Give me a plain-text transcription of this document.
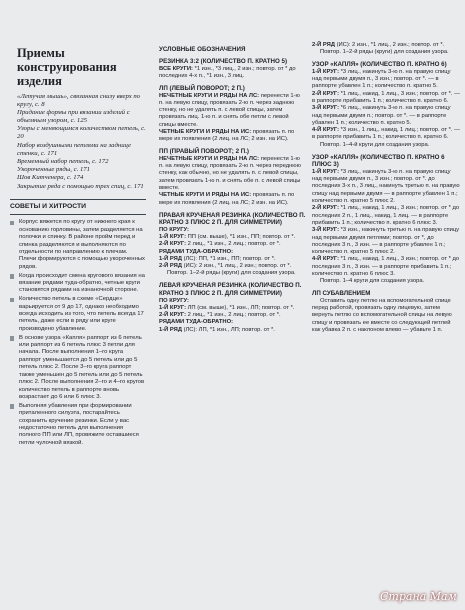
Приемы конструирования изделия

«Летучая мышь», связанная снизу вверх по кругу, с. 8
Придание формы при вязании изделий с объемным узором, с. 125
Узоры с меняющимся количеством петель, с. 20
Набор воздушными петлями на заднице стенки, с. 171
Временный набор петель, с. 172
Укороченные ряды, с. 171
Шов Китченера, с. 174
Закрытие ряда с помощью трех спиц, с. 171

СОВЕТЫ И ХИТРОСТИ

Корпус вяжется по кругу от нижнего края к основанию горловины, затем разделяется на полочки и спинку. В районе пройм перед и спинка разделяются и выполняются по отдельности по направлению к плечам. Плечи формируются с помощью укороченных рядов.
Когда происходит смена кругового вязания на вязание рядами туда-обратно, четные круги становятся рядами на изнаночной стороне.
Количество петель в схеме «Сердце» варьируется от 9 до 17, однако необходимо всегда исходить из того, что петель всегда 17 петель, даже если в ряду или круге производено убавление.
В основе узора «Капля» раппорт из 6 петель или раппорт из 6 петель плюс 3 петли для начала. После выполнения 1–го круга раппорт уменьшается до 5 петель или до 5 петель плюс 2. После 3–го круга раппорт также уменьшен до 5 петель или до 5 петель плюс 2. После выполнения 2–го и 4–го кругов количество петель в раппорте вновь возрастает до 6 или 6 плюс 3.
Выполняя убавления при формировании приталенного силуэта, постарайтесь сохранить кручение резинки. Если у вас недостаточно петель для выполнения полного ПП или ЛП, провяжите оставшиеся петли чулочной вязкой.

УСЛОВНЫЕ ОБОЗНАЧЕНИЯ

РЕЗИНКА 3:2 (КОЛИЧЕСТВО П. КРАТНО 5)

ВСЕ КРУГИ: *1 изн., *3 лиц., 2 изн.; повтор. от * до последних 4-х п., *1 изн., 3 лиц.

ЛП (ЛЕВЫЙ ПОВОРОТ; 2 П.)

НЕЧЕТНЫЕ КРУГИ И РЯДЫ НА ЛС: перенести 1-ю п. на левую спицу, провязать 2-ю п. через заднюю стенку, но не удалять п. с левой спицы, затем провязать лиц. 1-ю п. и снять обе петли с левой спицы вместе.

ЧЕТНЫЕ КРУГИ И РЯДЫ НА ИС: провязать п. по мере их появления (2 лиц. на ЛС; 2 изн. на ИС).

ПП (ПРАВЫЙ ПОВОРОТ; 2 П.)

НЕЧЕТНЫЕ КРУГИ И РЯДЫ НА ЛС: перенести 1-ю п. на левую спицу, провязать 2-ю п. через переднюю стенку, как обычно, но не удалять п. с левой спицы, затем провязать 1-ю п. и снять обе п. с левой спицы вместе.

ЧЕТНЫЕ КРУГИ И РЯДЫ НА ИС: провязать п. по мере их появления (2 лиц. на ЛС; 2 изн. на ИС).

ПРАВАЯ КРУЧЕНАЯ РЕЗИНКА (КОЛИЧЕСТВО П. КРАТНО 3 ПЛЮС 2 П. ДЛЯ СИММЕТРИИ)

ПО КРУГУ:

1-Й КРУГ: ПП (см. выше), *1 изн., ПП; повтор. от *.

2-Й КРУГ: 2 лиц., *1 изн., 2 лиц.; повтор. от *.

РЯДАМИ ТУДА-ОБРАТНО:

1-Й РЯД (ЛС): ПП, *1 изн., ПП; повтор. от *.

2-Й РЯД (ИС): 2 изн., *1 лиц., 2 изн.; повтор. от *.

Повтор. 1–2-й ряды (круги) для создания узора.

ЛЕВАЯ КРУЧЕНАЯ РЕЗИНКА (КОЛИЧЕСТВО П. КРАТНО 3 ПЛЮС 2 П. ДЛЯ СИММЕТРИИ)

ПО КРУГУ:

1-Й КРУГ: ЛП (см. выше), *1 изн., ЛП; повтор. от *.

2-Й КРУГ: 2 лиц., *1 изн., 2 лиц.; повтор. от *.

РЯДАМИ ТУДА-ОБРАТНО:

1-Й РЯД (ЛС): ЛП, *1 изн., ЛП; повтор. от *.

2-Й РЯД (ИС): 2 изн., *1 лиц., 2 изн.; повтор. от *.

Повтор. 1–2-й ряды (круги) для создания узора.

УЗОР «КАПЛЯ» (КОЛИЧЕСТВО П. КРАТНО 6)

1-Й КРУГ: *3 лиц., накинуть 3-ю п. на правую спицу над первыми двумя п., 3 изн.; повтор. от *. — в раппорте убавлен 1 п.; количество п. кратно 5.

2-Й КРУГ: *1 лиц., накид, 1 лиц., 3 изн.; повтор. от *. — в раппорте прибавить 1 п.; количество п. кратно 6.

3-Й КРУГ: *6 лиц., накинуть 3-ю п. на правую спицу над первыми двумя п.; повтор. от *. — в раппорте убавлен 1 п.; количество п. кратно 5.

4-Й КРУГ: *3 изн., 1 лиц., накид, 1 лиц.; повтор. от *. — в раппорте прибавить 1 п.; количество п. кратно 6.

Повтор. 1–4-й круги для создания узора.

УЗОР «КАПЛЯ» (КОЛИЧЕСТВО П. КРАТНО 6 ПЛЮС 3)

1-Й КРУГ: *3 лиц., накинуть 3-ю п. на правую спицу над первыми двумя п., 3 изн.; повтор. от *. до последних 3-х п., 3 лиц., накинуть третью п. на правую спицу над первыми двумя — в раппорте убавлен 1 п.; количество п. кратно 5 плюс 2.

2-Й КРУГ: *1 лиц., накид, 1 лиц., 3 изн.; повтор. от * до последних 2 п., 1 лиц., накид, 1 лиц. — в раппорте прибавить 1 п.; количество п. кратно 6 плюс 3.

3-Й КРУГ: *3 изн., накинуть третью п. на правую спицу над первыми двумя петлями; повтор. от *, до последних 3 п., 3 изн. — в раппорте убавлен 1 п.; количество п. кратно 5 плюс 2.

4-Й КРУГ: *1 лиц., накид, 1 лиц., 3 изн.; повтор. от * до последних 3 п., 3 изн. — в раппорте прибавить 1 п.; количество п. кратно 6 плюс 3.

Повтор. 1–4 круги для создания узора.

ЛП СУБАВЛЕНИЕМ

Оставить одну петлю на вспомогательной спице перед работой, провязать одну лицевую, затем вернуть петлю со вспомогательной спицы на левую спицу и провязать ее вместе со следующей петлей как убавка 2 п. с наклоном влево — убавьте 1 п.

Страна Мам
